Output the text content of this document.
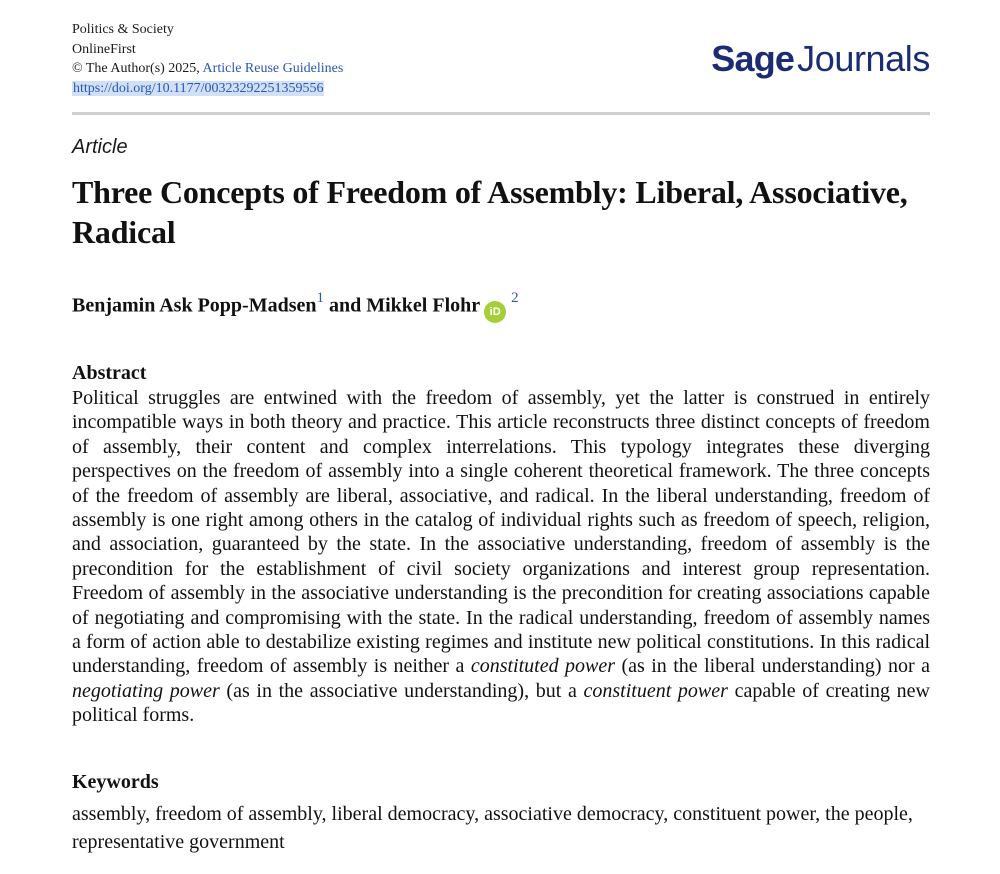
Politics & Society
OnlineFirst
© The Author(s) 2025, Article Reuse Guidelines
https://doi.org/10.1177/00323292251359556
SageJournals
Article
Three Concepts of Freedom of Assembly: Liberal, Associative, Radical
Benjamin Ask Popp-Madsen$^1$ and Mikkel Flohr iD $^2$
Abstract

Political struggles are entwined with the freedom of assembly, yet the latter is construed in entirely incompatible ways in both theory and practice. This article reconstructs three distinct concepts of freedom of assembly, their content and complex interrelations. This typology integrates these diverging perspectives on the freedom of assembly into a single coherent theoretical framework. The three concepts of the freedom of assembly are liberal, associative, and radical. In the liberal understanding, freedom of assembly is one right among others in the catalog of individual rights such as freedom of speech, religion, and association, guaranteed by the state. In the associative understanding, freedom of assembly is the precondition for the establishment of civil society organizations and interest group representation. Freedom of assembly in the associative understanding is the precondition for creating associations capable of negotiating and compromising with the state. In the radical understanding, freedom of assembly names a form of action able to destabilize existing regimes and institute new political constitutions. In this radical understanding, freedom of assembly is neither a constituted power (as in the liberal understanding) nor a negotiating power (as in the associative understanding), but a constituent power capable of creating new political forms.

Keywords

assembly, freedom of assembly, liberal democracy, associative democracy, constituent power, the people, representative government
